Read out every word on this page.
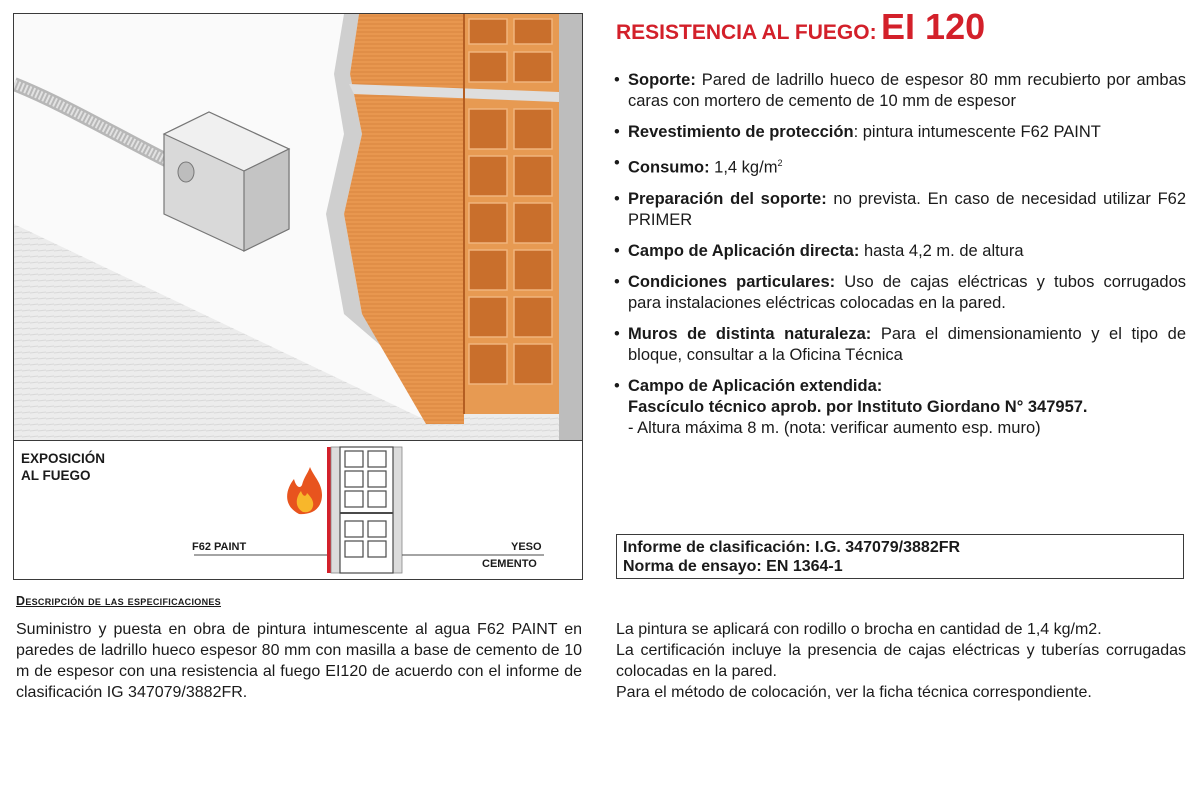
EXPOSICIÓN
AL FUEGO
F62 PAINT	YESO
CEMENTO
RESISTENCIA AL FUEGO: EI 120
• Soporte: Pared de ladrillo hueco de espesor 80 mm recubierto por ambas caras con mortero de cemento de 10 mm de espesor
• Revestimiento de protección: pintura intumescente F62 PAINT
• Consumo: 1,4 $kg/m^2$
• Preparación del soporte: no prevista. En caso de necesidad utilizar F62 PRIMER
• Campo de Aplicación directa: hasta 4,2 m. de altura
• Condiciones particulares: Uso de cajas eléctricas y tubos corrugados para instalaciones eléctricas colocadas en la pared.
• Muros de distinta naturaleza: Para el dimensionamiento y el tipo de bloque, consultar a la Oficina Técnica
• Campo de Aplicación extendida:
Fascículo técnico aprob. por Instituto Giordano N° 347957.
- Altura máxima 8 m. (nota: verificar aumento esp. muro)
Informe de clasificación: I.G. 347079/3882FR
Norma de ensayo: EN 1364-1
Descripción de las especificaciones

Suministro y puesta en obra de pintura intumescente al agua F62 PAINT en paredes de ladrillo hueco espesor 80 mm con masilla a base de cemento de 10 m de espesor con una resistencia al fuego EI120 de acuerdo con el informe de clasificación IG 347079/3882FR.

La pintura se aplicará con rodillo o brocha en cantidad de 1,4 kg/m2.

La certificación incluye la presencia de cajas eléctricas y tuberías corrugadas colocadas en la pared.

Para el método de colocación, ver la ficha técnica correspondiente.
